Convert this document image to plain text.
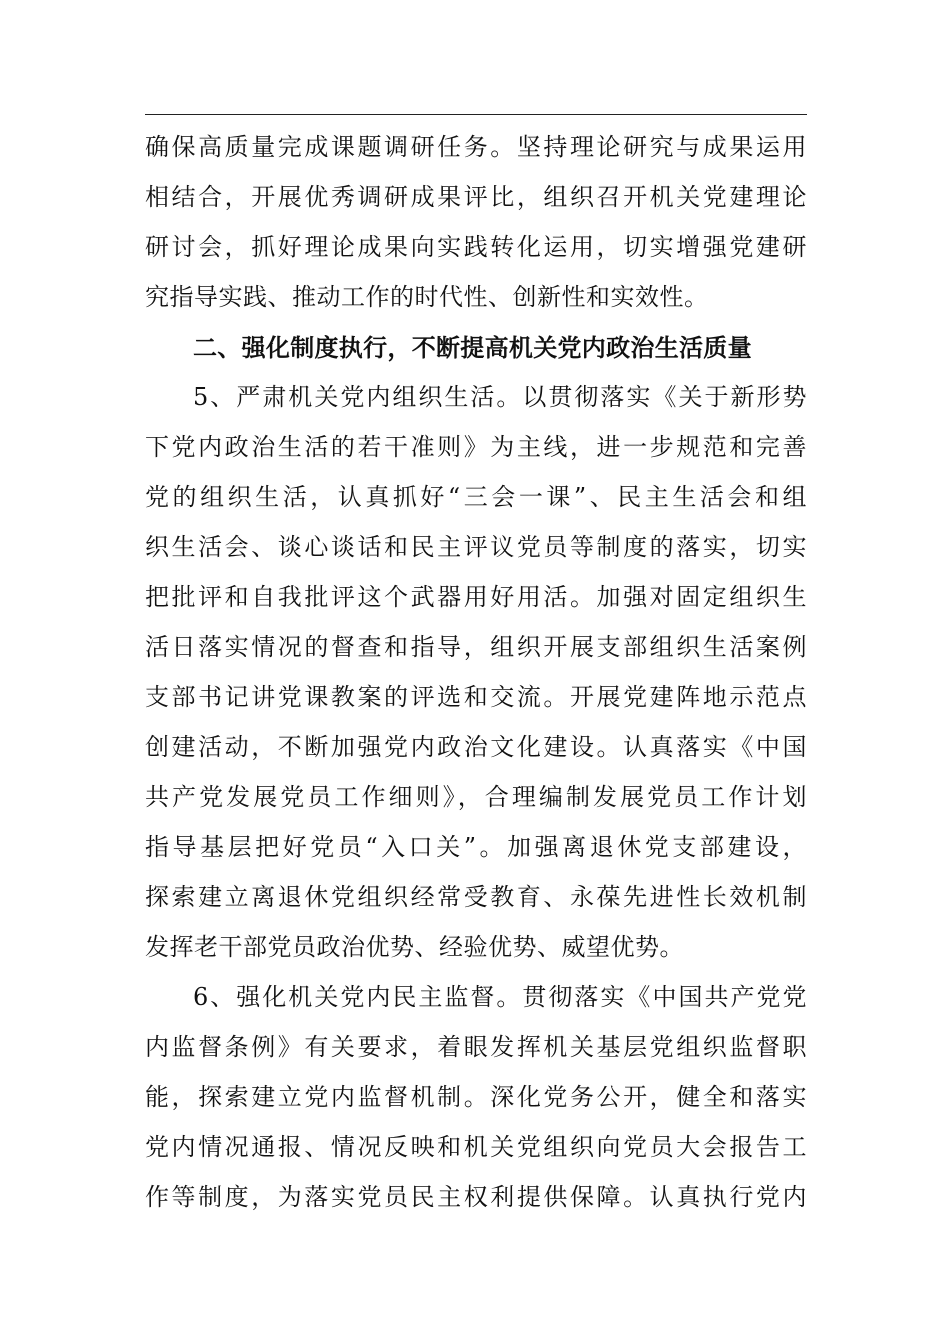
确保高质量完成课题调研任务。坚持理论研究与成果运用
相结合，开展优秀调研成果评比，组织召开机关党建理论
研讨会，抓好理论成果向实践转化运用，切实增强党建研
究指导实践、推动工作的时代性、创新性和实效性。
二、强化制度执行，不断提高机关党内政治生活质量
5、严肃机关党内组织生活。以贯彻落实《关于新形势
下党内政治生活的若干准则》为主线，进一步规范和完善
党的组织生活，认真抓好“三会一课”、民主生活会和组
织生活会、谈心谈话和民主评议党员等制度的落实，切实
把批评和自我批评这个武器用好用活。加强对固定组织生
活日落实情况的督查和指导，组织开展支部组织生活案例
支部书记讲党课教案的评选和交流。开展党建阵地示范点
创建活动，不断加强党内政治文化建设。认真落实《中国
共产党发展党员工作细则》，合理编制发展党员工作计划
指导基层把好党员“入口关”。加强离退休党支部建设，
探索建立离退休党组织经常受教育、永葆先进性长效机制
发挥老干部党员政治优势、经验优势、威望优势。
6、强化机关党内民主监督。贯彻落实《中国共产党党
内监督条例》有关要求，着眼发挥机关基层党组织监督职
能，探索建立党内监督机制。深化党务公开，健全和落实
党内情况通报、情况反映和机关党组织向党员大会报告工
作等制度，为落实党员民主权利提供保障。认真执行党内
